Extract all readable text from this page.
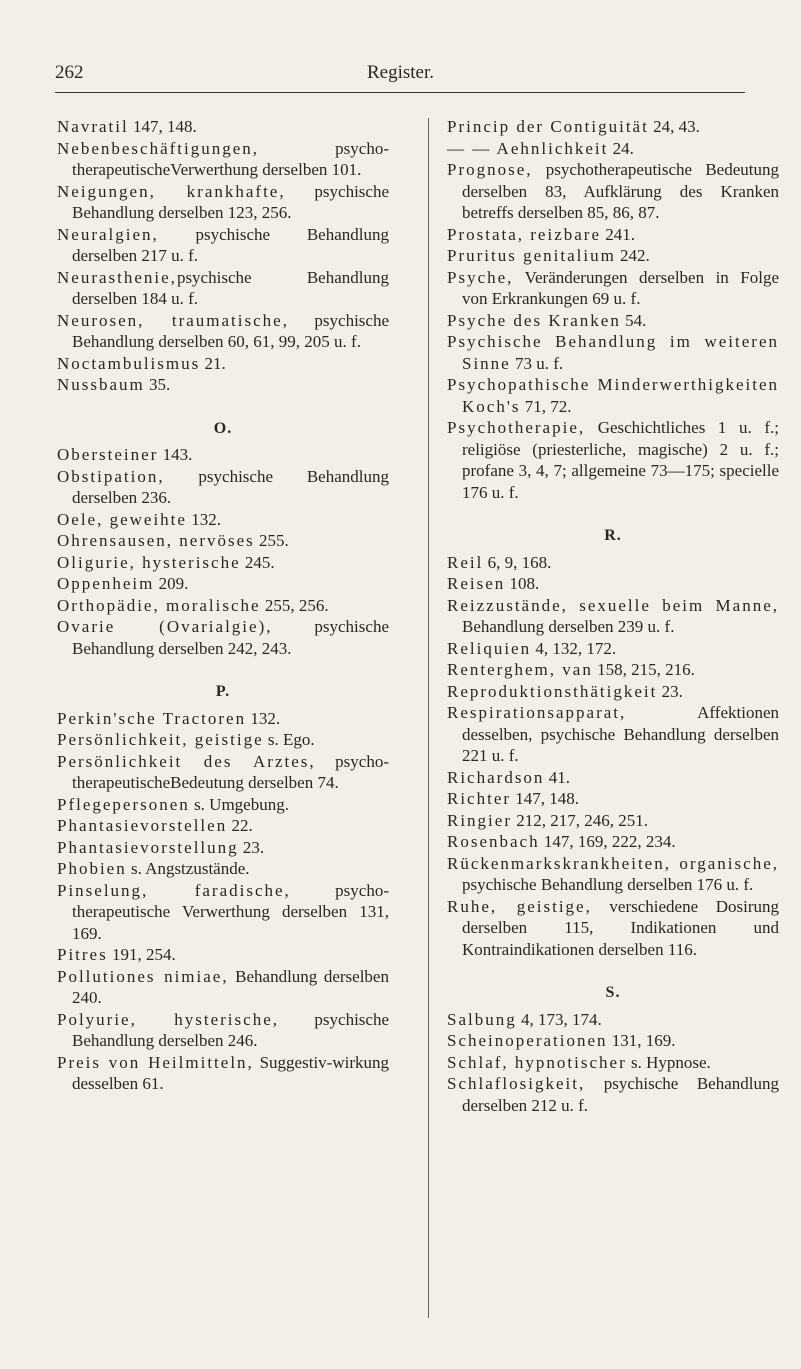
262	Register.

Navratil 147, 148.

Nebenbeschäftigungen, psycho-therapeutischeVerwerthung derselben 101.

Neigungen, krankhafte, psychische Behandlung derselben 123, 256.

Neuralgien, psychische Behandlung derselben 217 u. f.

Neurasthenie,psychische Behandlung derselben 184 u. f.

Neurosen, traumatische, psychische Behandlung derselben 60, 61, 99, 205 u. f.

Noctambulismus 21.

Nussbaum 35.

O.

Obersteiner 143.

Obstipation, psychische Behandlung derselben 236.

Oele, geweihte 132.

Ohrensausen, nervöses 255.

Oligurie, hysterische 245.

Oppenheim 209.

Orthopädie, moralische 255, 256.

Ovarie (Ovarialgie), psychische Behandlung derselben 242, 243.

P.

Perkin'sche Tractoren 132.

Persönlichkeit, geistige s. Ego.

Persönlichkeit des Arztes, psycho-therapeutischeBedeutung derselben 74.

Pflegepersonen s. Umgebung.

Phantasievorstellen 22.

Phantasievorstellung 23.

Phobien s. Angstzustände.

Pinselung, faradische, psycho-therapeutische Verwerthung derselben 131, 169.

Pitres 191, 254.

Pollutiones nimiae, Behandlung derselben 240.

Polyurie, hysterische, psychische Behandlung derselben 246.

Preis von Heilmitteln, Suggestiv-wirkung desselben 61.

Princip der Contiguität 24, 43.

— — Aehnlichkeit 24.

Prognose, psychotherapeutische Bedeutung derselben 83, Aufklärung des Kranken betreffs derselben 85, 86, 87.

Prostata, reizbare 241.

Pruritus genitalium 242.

Psyche, Veränderungen derselben in Folge von Erkrankungen 69 u. f.

Psyche des Kranken 54.

Psychische Behandlung im weiteren Sinne 73 u. f.

Psychopathische Minderwerthigkeiten Koch's 71, 72.

Psychotherapie, Geschichtliches 1 u. f.; religiöse (priesterliche, magische) 2 u. f.; profane 3, 4, 7; allgemeine 73—175; specielle 176 u. f.

R.

Reil 6, 9, 168.

Reisen 108.

Reizzustände, sexuelle beim Manne, Behandlung derselben 239 u. f.

Reliquien 4, 132, 172.

Renterghem, van 158, 215, 216.

Reproduktionsthätigkeit 23.

Respirationsapparat, Affektionen desselben, psychische Behandlung derselben 221 u. f.

Richardson 41.

Richter 147, 148.

Ringier 212, 217, 246, 251.

Rosenbach 147, 169, 222, 234.

Rückenmarkskrankheiten, organische, psychische Behandlung derselben 176 u. f.

Ruhe, geistige, verschiedene Dosirung derselben 115, Indikationen und Kontraindikationen derselben 116.

S.

Salbung 4, 173, 174.

Scheinoperationen 131, 169.

Schlaf, hypnotischer s. Hypnose.

Schlaflosigkeit, psychische Behandlung derselben 212 u. f.
